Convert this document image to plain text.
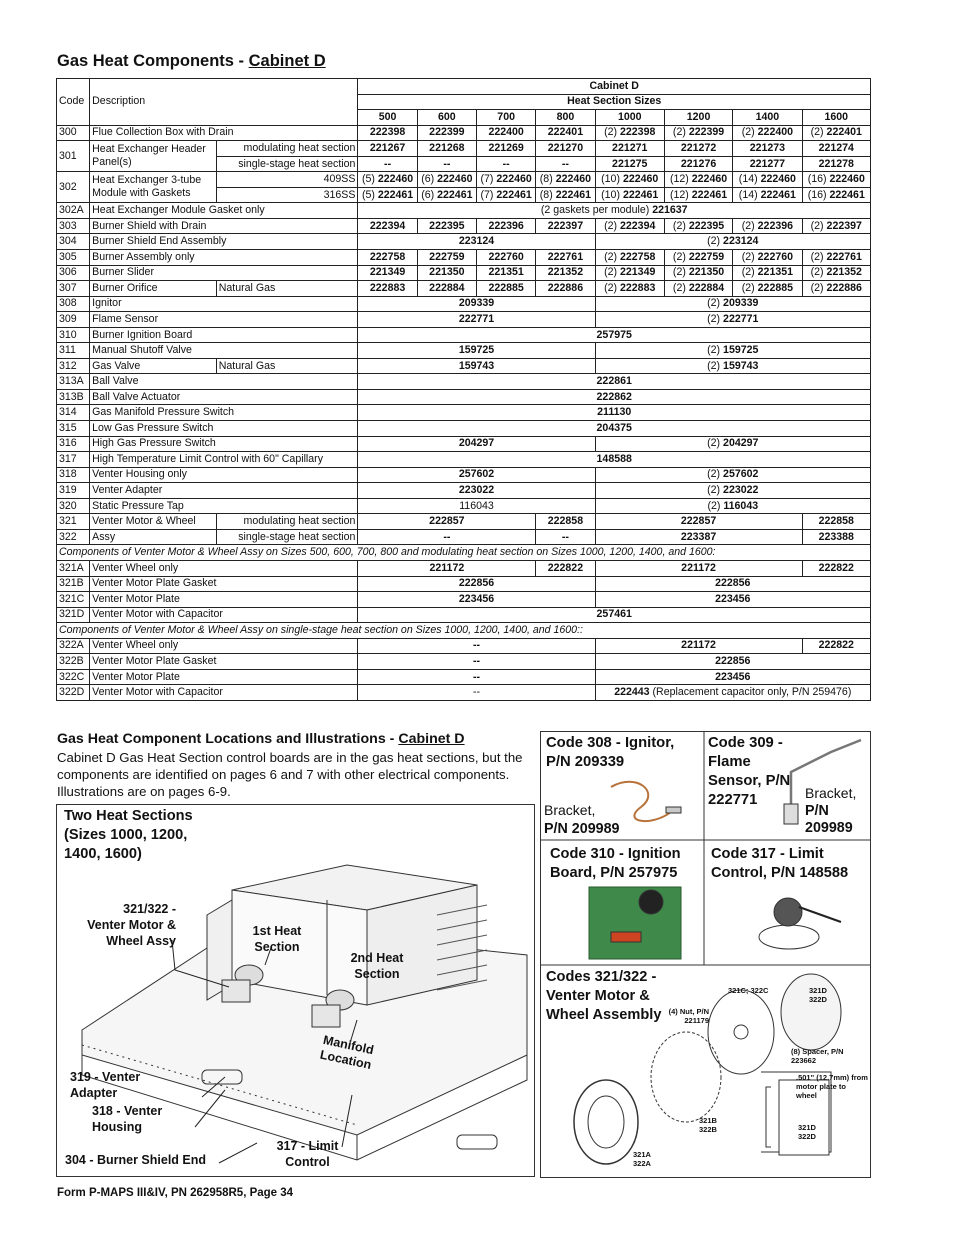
Gas Heat Components - Cabinet D
Code	Description		Cabinet D							
			Heat Section Sizes							
			500	600	700	800	1000	1200	1400	1600
300	Flue Collection Box with Drain		222398	222399	222400	222401	(2) 222398	(2) 222399	(2) 222400	(2) 222401
301	Heat Exchanger Header Panel(s)	modulating heat section	221267	221268	221269	221270	221271	221272	221273	221274
		single-stage heat section	--	--	--	--	221275	221276	221277	221278
302	Heat Exchanger 3-tube Module with Gaskets	409SS	(5) 222460	(6) 222460	(7) 222460	(8) 222460	(10) 222460	(12) 222460	(14) 222460	(16) 222460
		316SS	(5) 222461	(6) 222461	(7) 222461	(8) 222461	(10) 222461	(12) 222461	(14) 222461	(16) 222461
302A	Heat Exchanger Module Gasket only		(2 gaskets per module) 221637							
303	Burner Shield with Drain		222394	222395	222396	222397	(2) 222394	(2) 222395	(2) 222396	(2) 222397
304	Burner Shield End Assembly		223124				(2) 223124			
305	Burner Assembly only		222758	222759	222760	222761	(2) 222758	(2) 222759	(2) 222760	(2) 222761
306	Burner Slider		221349	221350	221351	221352	(2) 221349	(2) 221350	(2) 221351	(2) 221352
307	Burner Orifice	Natural Gas	222883	222884	222885	222886	(2) 222883	(2) 222884	(2) 222885	(2) 222886
308	Ignitor		209339				(2) 209339			
309	Flame Sensor		222771				(2) 222771			
310	Burner Ignition Board		257975							
311	Manual Shutoff Valve		159725				(2) 159725			
312	Gas Valve	Natural Gas	159743				(2) 159743			
313A	Ball Valve		222861							
313B	Ball Valve Actuator		222862							
314	Gas Manifold Pressure Switch		211130							
315	Low Gas Pressure Switch		204375							
316	High Gas Pressure Switch		204297				(2) 204297			
317	High Temperature Limit Control with 60" Capillary		148588							
318	Venter Housing only		257602				(2) 257602			
319	Venter Adapter		223022				(2) 223022			
320	Static Pressure Tap		116043				(2) 116043			
321	Venter Motor & Wheel	modulating heat section	222857			222858	222857			222858
322	Assy	single-stage heat section	--			--	223387			223388
Components of Venter Motor & Wheel Assy on Sizes 500, 600, 700, 800 and modulating heat section on Sizes 1000, 1200, 1400, and 1600:										
321A	Venter Wheel only		221172			222822	221172			222822
321B	Venter Motor Plate Gasket		222856				222856			
321C	Venter Motor Plate		223456				223456			
321D	Venter Motor with Capacitor		257461							
Components of Venter Motor & Wheel Assy on single-stage heat section on Sizes 1000, 1200, 1400, and 1600::										
322A	Venter Wheel only		--				221172			222822
322B	Venter Motor Plate Gasket		--				222856			
322C	Venter Motor Plate		--				223456			
322D	Venter Motor with Capacitor		--				222443 (Replacement capacitor only, P/N 259476)			
Gas Heat Component Locations and Illustrations - Cabinet D
Cabinet D Gas Heat Section control boards are in the gas heat sections, but the components are identified on pages 6 and 7 with other electrical components. Illustrations are on pages 6-9.
Two Heat Sections (Sizes 1000, 1200, 1400, 1600)
321/322 - Venter Motor & Wheel Assy
1st Heat Section
2nd Heat Section
Manifold Location
319 - Venter Adapter
318 - Venter Housing
304 - Burner Shield End
317 - Limit Control
Code 308 - Ignitor, P/N 209339
Bracket,
P/N 209989
Code 309 - Flame Sensor, P/N 222771	Bracket,
P/N 209989
Code 310 - Ignition Board, P/N 257975
Code 317 - Limit Control, P/N 148588
Codes 321/322 - Venter Motor & Wheel Assembly
321C; 322C	321D 322D
(4) Nut, P/N 221179
(8) Spacer, P/N 223662
.501" (12.7mm) from motor plate to wheel
321B 322B
321A 322A
321D 322D
Form P-MAPS III&IV, PN 262958R5, Page 34
